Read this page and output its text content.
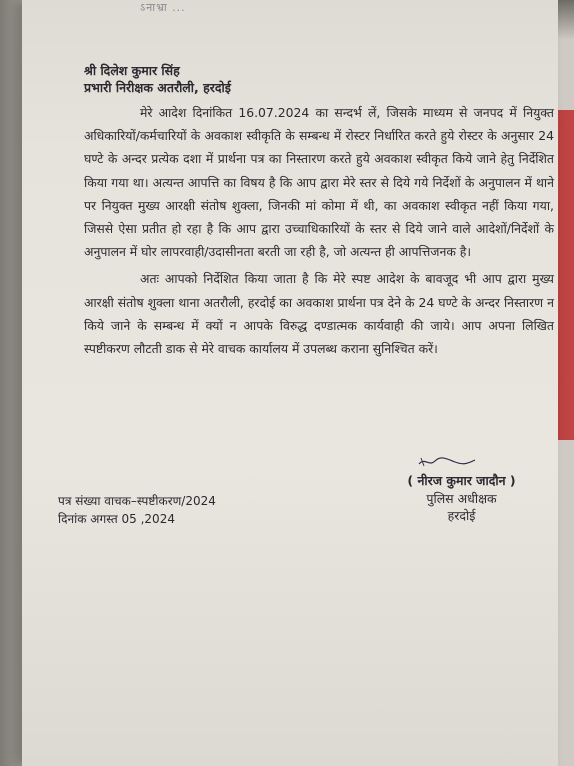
ऽनाभ्रा ...
श्री दिलेश कुमार सिंह
प्रभारी निरीक्षक अतरौली, हरदोई

मेरे आदेश दिनांकित 16.07.2024 का सन्दर्भ लें, जिसके माध्यम से जनपद में नियुक्त अधिकारियों/कर्मचारियों के अवकाश स्वीकृति के सम्बन्ध में रोस्टर निर्धारित करते हुये रोस्टर के अनुसार 24 घण्टे के अन्दर प्रत्येक दशा में प्रार्थना पत्र का निस्तारण करते हुये अवकाश स्वीकृत किये जाने हेतु निर्देशित किया गया था। अत्यन्त आपत्ति का विषय है कि आप द्वारा मेरे स्तर से दिये गये निर्देशों के अनुपालन में थाने पर नियुक्त मुख्य आरक्षी संतोष शुक्ला, जिनकी मां कोमा में थी, का अवकाश स्वीकृत नहीं किया गया, जिससे ऐसा प्रतीत हो रहा है कि आप द्वारा उच्चाधिकारियों के स्तर से दिये जाने वाले आदेशों/निर्देशों के अनुपालन में घोर लापरवाही/उदासीनता बरती जा रही है, जो अत्यन्त ही आपत्तिजनक है।

अतः आपको निर्देशित किया जाता है कि मेरे स्पष्ट आदेश के बावजूद भी आप द्वारा मुख्य आरक्षी संतोष शुक्ला थाना अतरौली, हरदोई का अवकाश प्रार्थना पत्र देने के 24 घण्टे के अन्दर निस्तारण न किये जाने के सम्बन्ध में क्यों न आपके विरुद्ध दण्डात्मक कार्यवाही की जाये। आप अपना लिखित स्पष्टीकरण लौटती डाक से मेरे वाचक कार्यालय में उपलब्ध कराना सुनिश्चित करें।

( नीरज कुमार जादौन )
पुलिस अधीक्षक
हरदोई
पत्र संख्या वाचक–स्पष्टीकरण/2024
दिनांक अगस्त 05 ,2024
